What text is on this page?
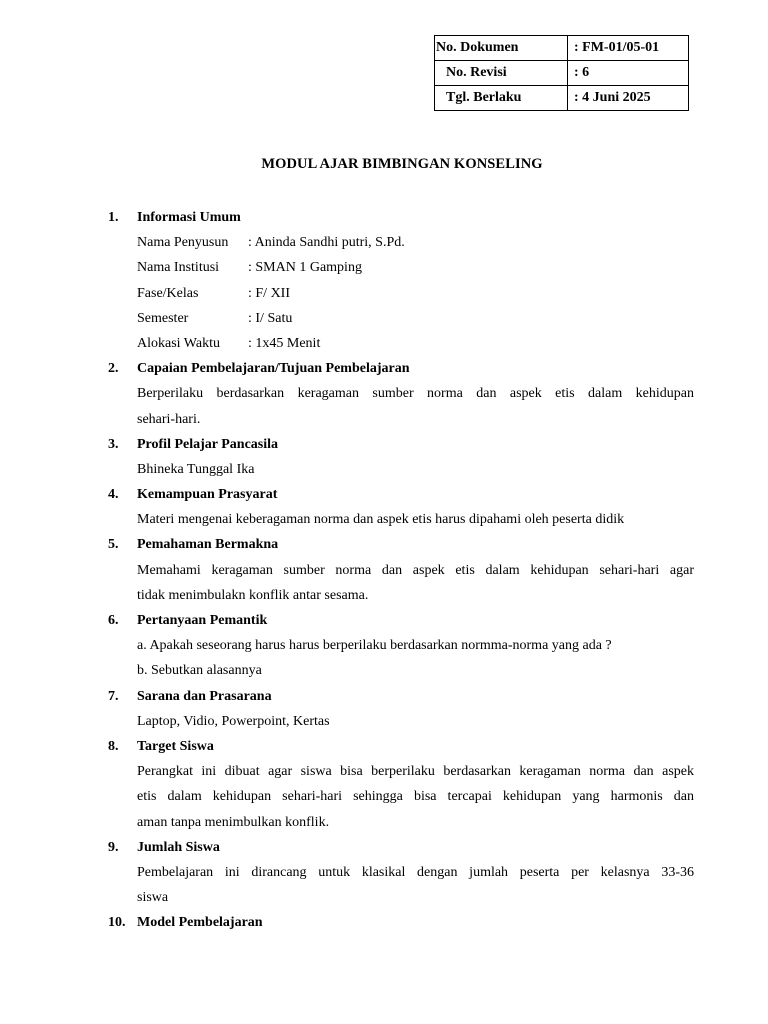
No. Dokumen	: FM-01/05-01
No. Revisi	: 6
Tgl. Berlaku	: 4 Juni 2025
MODUL AJAR BIMBINGAN KONSELING
1.	Informasi Umum
Nama Penyusun	: Aninda Sandhi putri, S.Pd.
Nama Institusi	: SMAN 1 Gamping
Fase/Kelas	: F/ XII
Semester	: I/ Satu
Alokasi Waktu	: 1x45 Menit
2.	Capaian Pembelajaran/Tujuan Pembelajaran
Berperilaku berdasarkan keragaman sumber norma dan aspek etis dalam kehidupan
sehari-hari.
3.	Profil Pelajar Pancasila
Bhineka Tunggal Ika
4.	Kemampuan Prasyarat
Materi mengenai keberagaman norma dan aspek etis harus dipahami oleh peserta didik
5.	Pemahaman Bermakna
Memahami keragaman sumber norma dan aspek etis dalam kehidupan sehari-hari agar
tidak menimbulakn konflik antar sesama.
6.	Pertanyaan Pemantik
a. Apakah seseorang harus harus berperilaku berdasarkan normma-norma yang ada ?
b. Sebutkan alasannya
7.	Sarana dan Prasarana
Laptop, Vidio, Powerpoint, Kertas
8.	Target Siswa
Perangkat ini dibuat agar siswa bisa berperilaku berdasarkan keragaman norma dan aspek
etis dalam kehidupan sehari-hari sehingga bisa tercapai kehidupan yang harmonis dan
aman tanpa menimbulkan konflik.
9.	Jumlah Siswa
Pembelajaran ini dirancang untuk klasikal dengan jumlah peserta per kelasnya 33-36
siswa
10. Model Pembelajaran
